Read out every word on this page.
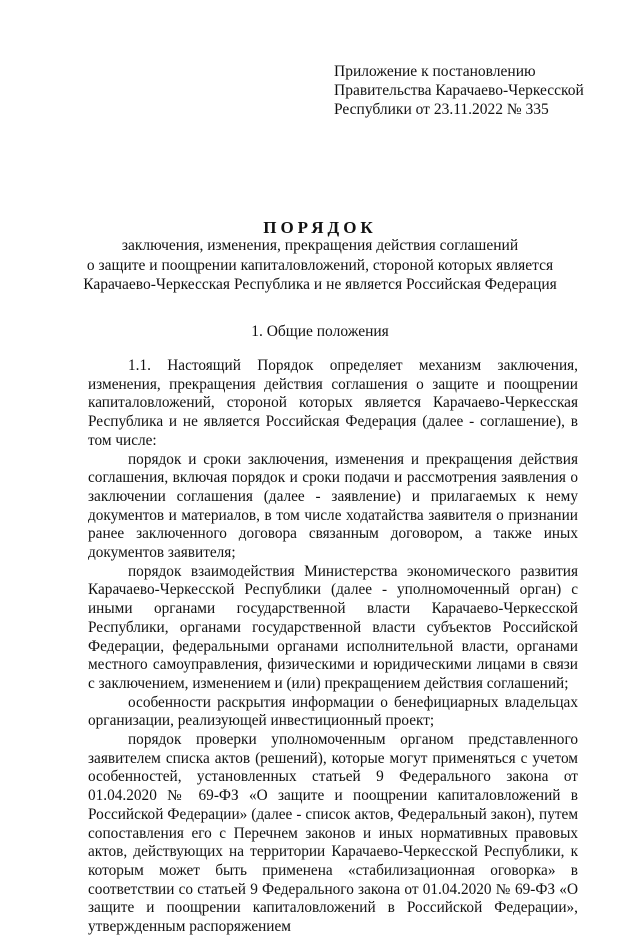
Приложение к постановлению
Правительства Карачаево-Черкесской
Республики от 23.11.2022 № 335
ПОРЯДОК
заключения, изменения, прекращения действия соглашений
о защите и поощрении капиталовложений, стороной которых является
Карачаево-Черкесская Республика и не является Российская Федерация
1. Общие положения

1.1. Настоящий Порядок определяет механизм заключения, изменения, прекращения действия соглашения о защите и поощрении капиталовложений, стороной которых является Карачаево-Черкесская Республика и не является Российская Федерация (далее - соглашение), в том числе:

порядок и сроки заключения, изменения и прекращения действия соглашения, включая порядок и сроки подачи и рассмотрения заявления о заключении соглашения (далее - заявление) и прилагаемых к нему документов и материалов, в том числе ходатайства заявителя о признании ранее заключенного договора связанным договором, а также иных документов заявителя;

порядок взаимодействия Министерства экономического развития Карачаево-Черкесской Республики (далее - уполномоченный орган) с иными органами государственной власти Карачаево-Черкесской Республики, органами государственной власти субъектов Российской Федерации, федеральными органами исполнительной власти, органами местного самоуправления, физическими и юридическими лицами в связи с заключением, изменением и (или) прекращением действия соглашений;

особенности раскрытия информации о бенефициарных владельцах организации, реализующей инвестиционный проект;

порядок проверки уполномоченным органом представленного заявителем списка актов (решений), которые могут применяться с учетом особенностей, установленных статьей 9 Федерального закона от 01.04.2020 № 69-ФЗ «О защите и поощрении капиталовложений в Российской Федерации» (далее - список актов, Федеральный закон), путем сопоставления его с Перечнем законов и иных нормативных правовых актов, действующих на территории Карачаево-Черкесской Республики, к которым может быть применена «стабилизационная оговорка» в соответствии со статьей 9 Федерального закона от 01.04.2020 № 69-ФЗ «О защите и поощрении капиталовложений в Российской Федерации», утвержденным распоряжением
